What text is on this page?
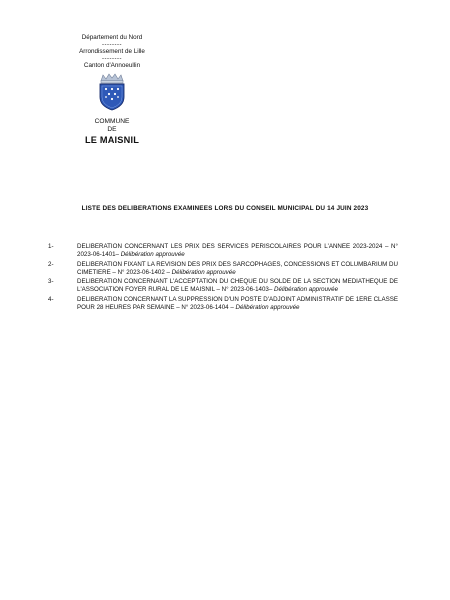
Département du Nord
--------
Arrondissement de Lille
--------
Canton d'Annoeullin
COMMUNE
DE
LE MAISNIL
LISTE DES DELIBERATIONS EXAMINEES LORS DU CONSEIL MUNICIPAL DU 14 JUIN 2023
1-	DELIBERATION CONCERNANT LES PRIX DES SERVICES PERISCOLAIRES POUR L'ANNEE 2023-2024 – N° 2023-06-1401– Délibération approuvée
2-	DELIBERATION FIXANT LA REVISION DES PRIX DES SARCOPHAGES, CONCESSIONS ET COLUMBARIUM DU CIMETIERE – N° 2023-06-1402 – Délibération approuvée
3-	DELIBERATION CONCERNANT L'ACCEPTATION DU CHEQUE DU SOLDE DE LA SECTION MEDIATHEQUE DE L'ASSOCIATION FOYER RURAL DE LE MAISNIL – N° 2023-06-1403– Délibération approuvée
4-	DELIBERATION CONCERNANT LA SUPPRESSION D'UN POSTE D'ADJOINT ADMINISTRATIF DE 1ERE CLASSE POUR 28 HEURES PAR SEMAINE – N° 2023-06-1404 – Délibération approuvée
